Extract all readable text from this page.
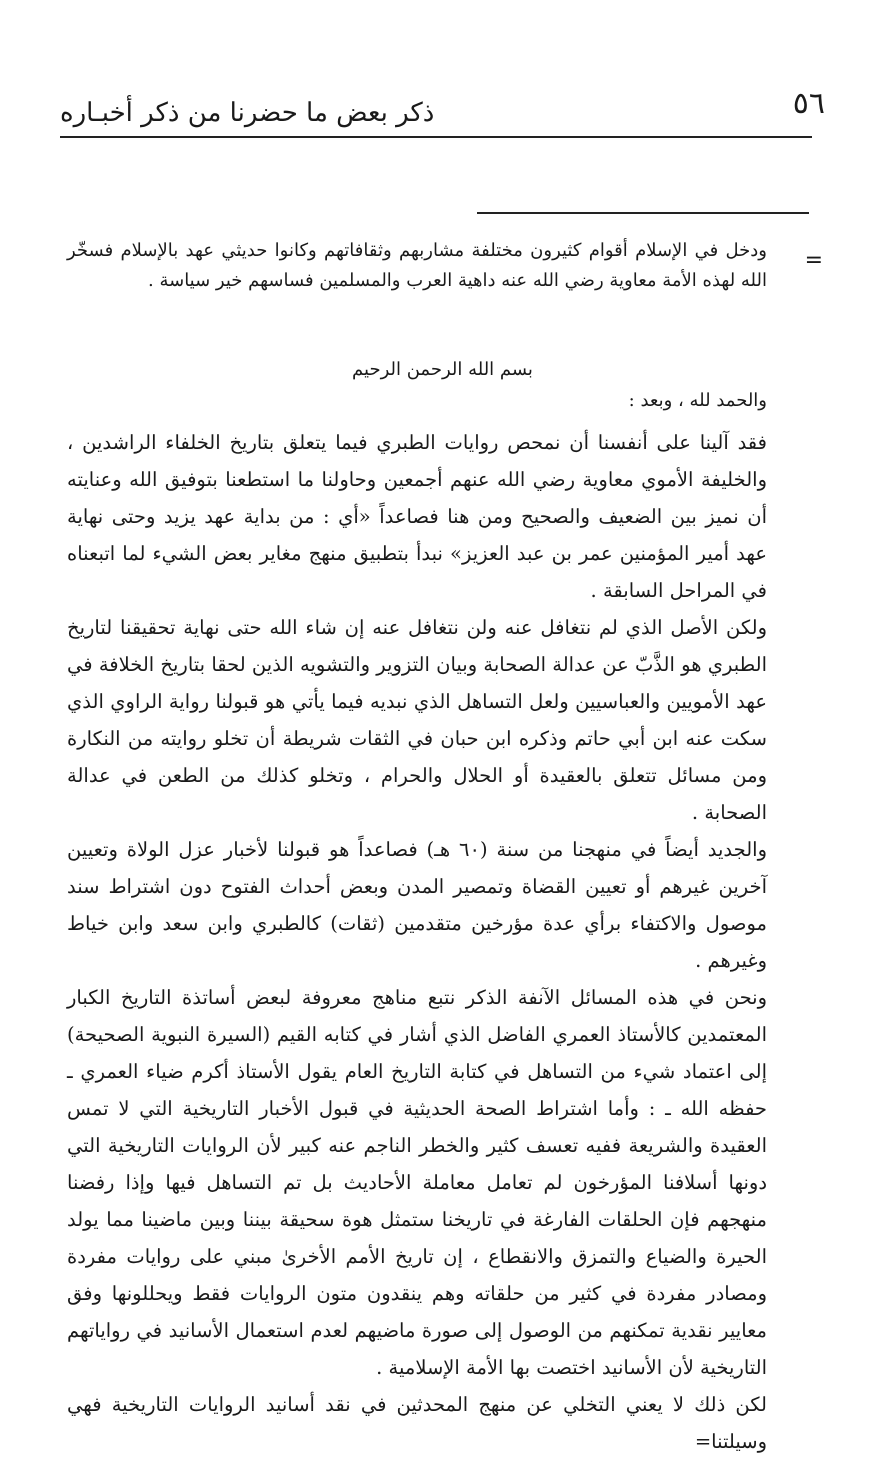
٥٦
ذكر بعض ما حضرنا من ذكر أخبـاره
=
ودخل في الإسلام أقوام كثيرون مختلفة مشاربهم وثقافاتهم وكانوا حديثي عهد بالإسلام فسخّر الله لهذه الأمة معاوية رضي الله عنه داهية العرب والمسلمين فساسهم خير سياسة .
بسم الله الرحمن الرحيم
والحمد لله ، وبعد :

فقد آلينا على أنفسنا أن نمحص روايات الطبري فيما يتعلق بتاريخ الخلفاء الراشدين ، والخليفة الأموي معاوية رضي الله عنهم أجمعين وحاولنا ما استطعنا بتوفيق الله وعنايته أن نميز بين الضعيف والصحيح ومن هنا فصاعداً «أي : من بداية عهد يزيد وحتى نهاية عهد أمير المؤمنين عمر بن عبد العزيز» نبدأ بتطبيق منهج مغاير بعض الشيء لما اتبعناه في المراحل السابقة .

ولكن الأصل الذي لم نتغافل عنه ولن نتغافل عنه إن شاء الله حتى نهاية تحقيقنا لتاريخ الطبري هو الذَّبّ عن عدالة الصحابة وبيان التزوير والتشويه الذين لحقا بتاريخ الخلافة في عهد الأمويين والعباسيين ولعل التساهل الذي نبديه فيما يأتي هو قبولنا رواية الراوي الذي سكت عنه ابن أبي حاتم وذكره ابن حبان في الثقات شريطة أن تخلو روايته من النكارة ومن مسائل تتعلق بالعقيدة أو الحلال والحرام ، وتخلو كذلك من الطعن في عدالة الصحابة .

والجديد أيضاً في منهجنا من سنة (٦٠ هـ) فصاعداً هو قبولنا لأخبار عزل الولاة وتعيين آخرين غيرهم أو تعيين القضاة وتمصير المدن وبعض أحداث الفتوح دون اشتراط سند موصول والاكتفاء برأي عدة مؤرخين متقدمين (ثقات) كالطبري وابن سعد وابن خياط وغيرهم .

ونحن في هذه المسائل الآنفة الذكر نتبع مناهج معروفة لبعض أساتذة التاريخ الكبار المعتمدين كالأستاذ العمري الفاضل الذي أشار في كتابه القيم (السيرة النبوية الصحيحة) إلى اعتماد شيء من التساهل في كتابة التاريخ العام يقول الأستاذ أكرم ضياء العمري ـ حفظه الله ـ : وأما اشتراط الصحة الحديثية في قبول الأخبار التاريخية التي لا تمس العقيدة والشريعة ففيه تعسف كثير والخطر الناجم عنه كبير لأن الروايات التاريخية التي دونها أسلافنا المؤرخون لم تعامل معاملة الأحاديث بل تم التساهل فيها وإذا رفضنا منهجهم فإن الحلقات الفارغة في تاريخنا ستمثل هوة سحيقة بيننا وبين ماضينا مما يولد الحيرة والضياع والتمزق والانقطاع ، إن تاريخ الأمم الأخرىٰ مبني على روايات مفردة ومصادر مفردة في كثير من حلقاته وهم ينقدون متون الروايات فقط ويحللونها وفق معايير نقدية تمكنهم من الوصول إلى صورة ماضيهم لعدم استعمال الأسانيد في رواياتهم التاريخية لأن الأسانيد اختصت بها الأمة الإسلامية .

لكن ذلك لا يعني التخلي عن منهج المحدثين في نقد أسانيد الروايات التاريخية فهي وسيلتنا=
